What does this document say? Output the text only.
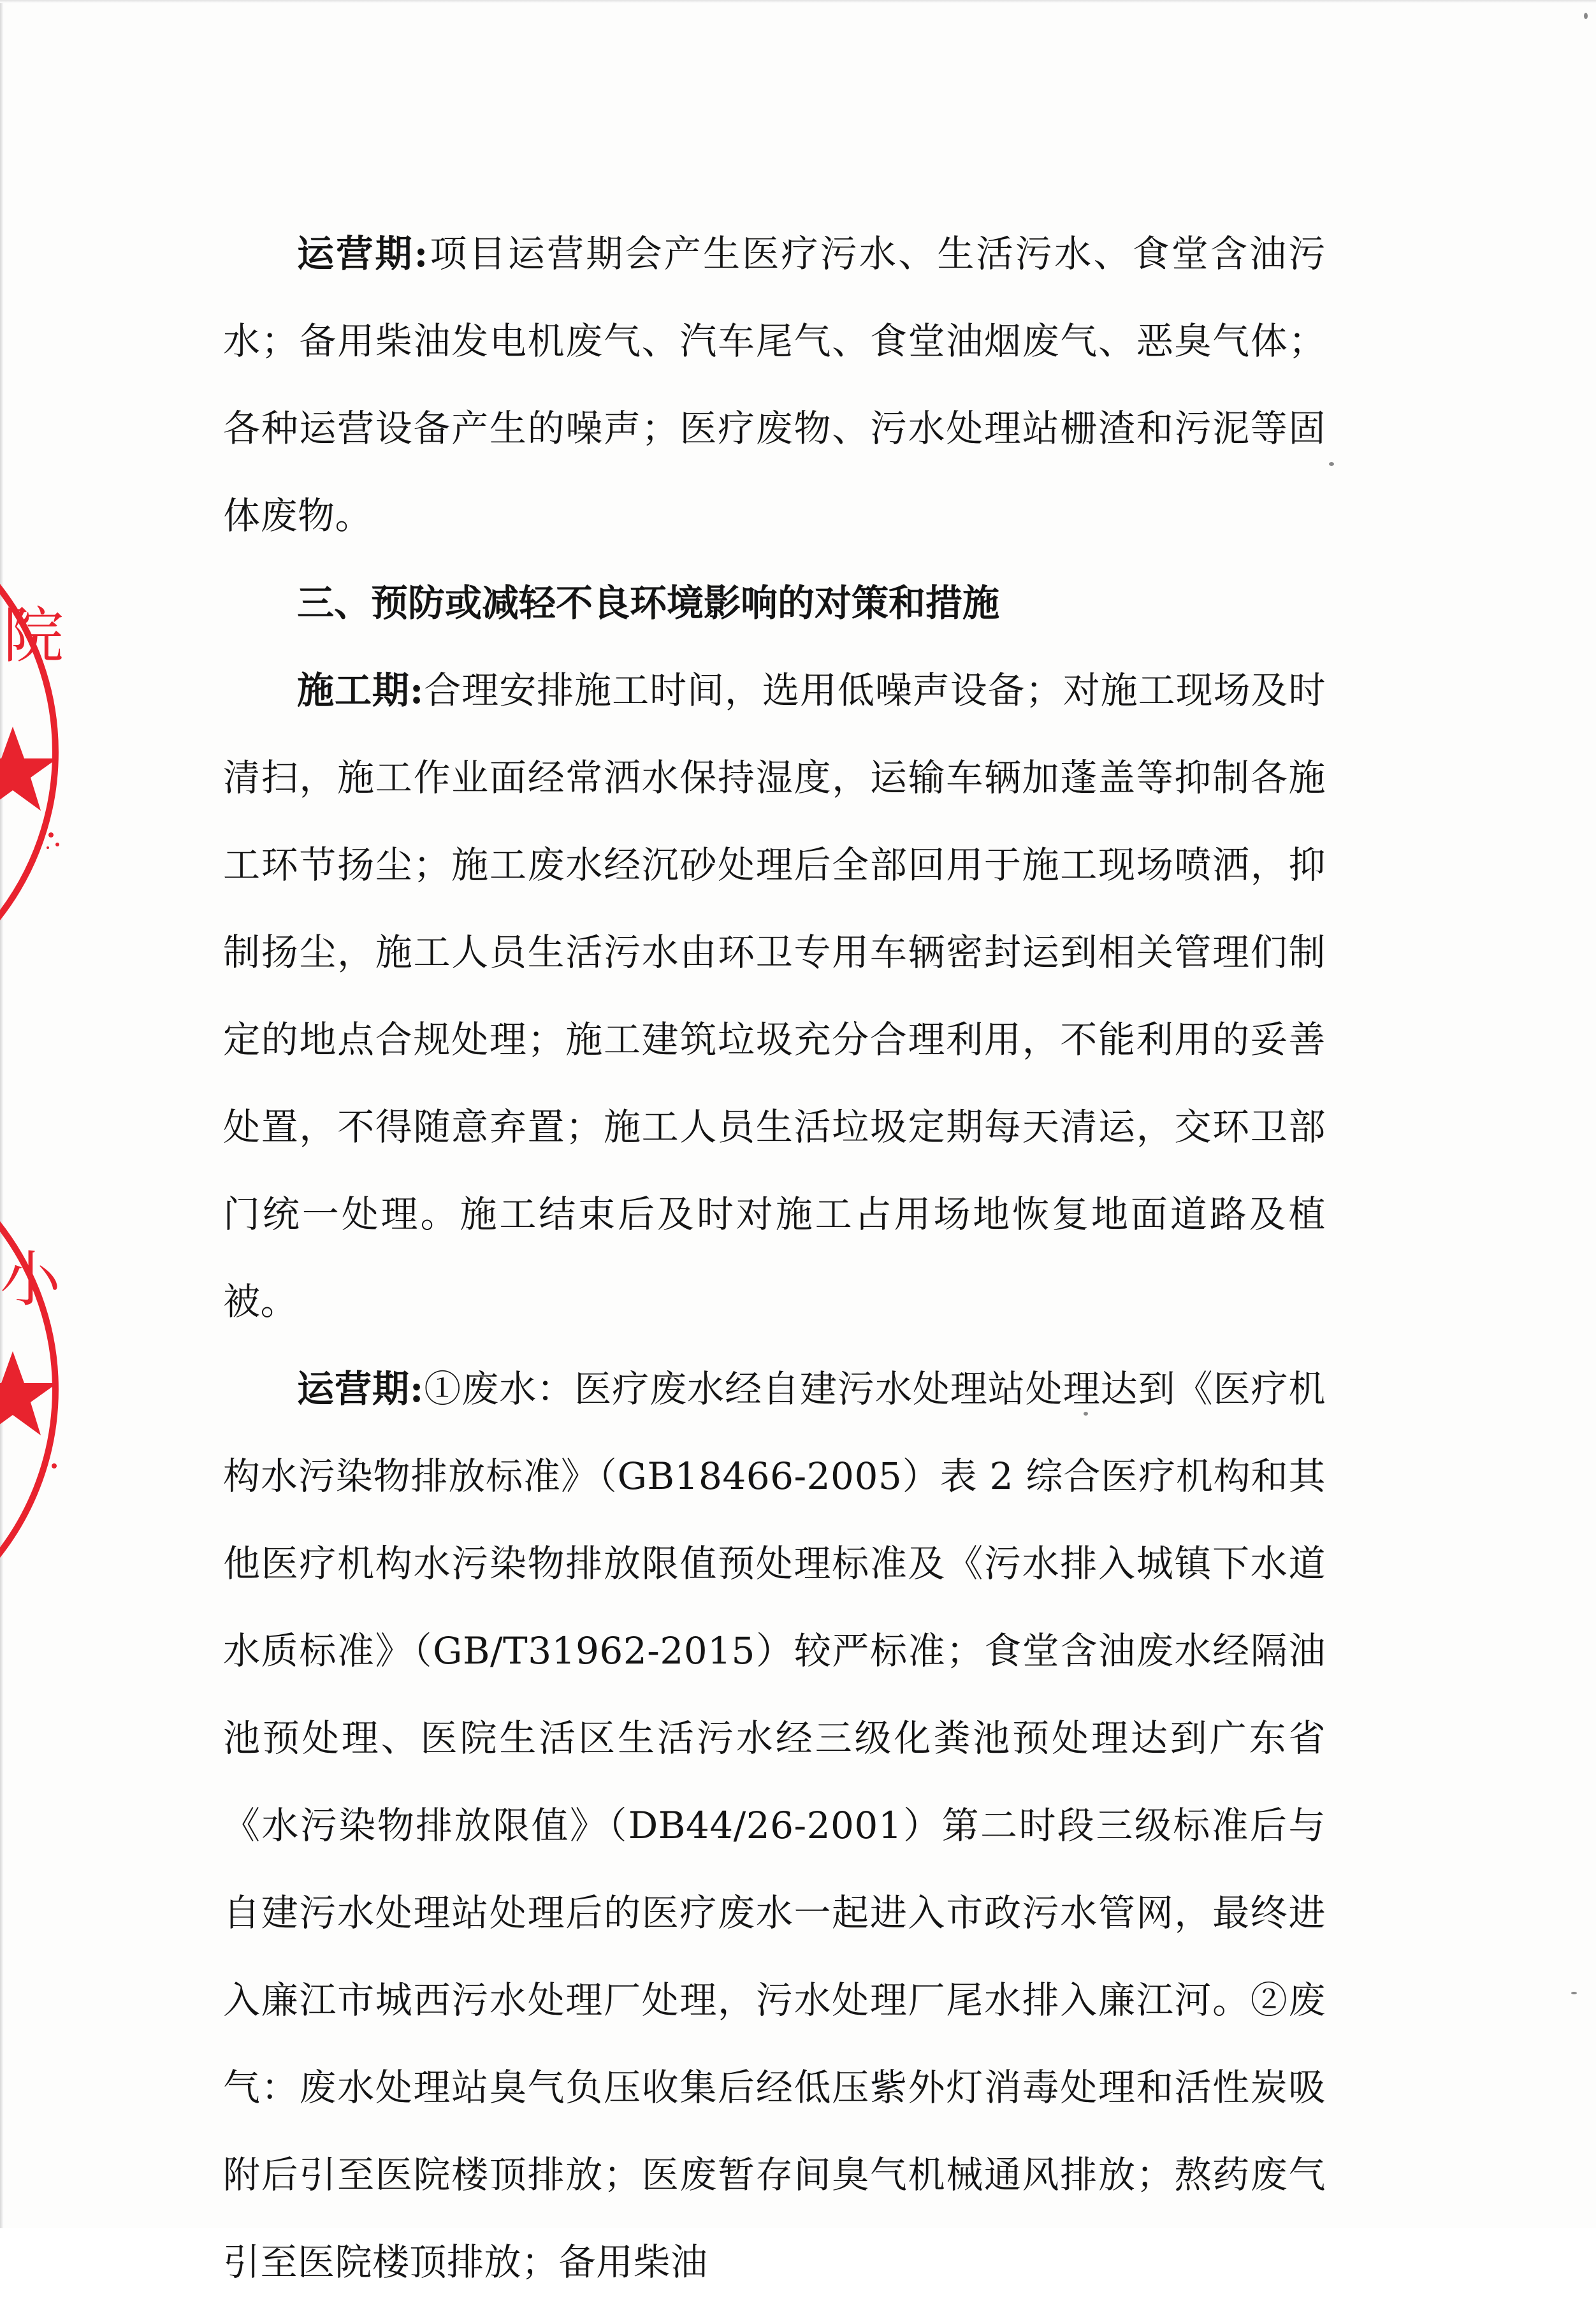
院
小

运营期:项目运营期会产生医疗污水、生活污水、食堂含油污水；备用柴油发电机废气、汽车尾气、食堂油烟废气、恶臭气体；各种运营设备产生的噪声；医疗废物、污水处理站栅渣和污泥等固体废物。

三、预防或减轻不良环境影响的对策和措施

施工期:合理安排施工时间，选用低噪声设备；对施工现场及时清扫，施工作业面经常洒水保持湿度，运输车辆加蓬盖等抑制各施工环节扬尘；施工废水经沉砂处理后全部回用于施工现场喷洒，抑制扬尘，施工人员生活污水由环卫专用车辆密封运到相关管理们制定的地点合规处理；施工建筑垃圾充分合理利用，不能利用的妥善处置，不得随意弃置；施工人员生活垃圾定期每天清运，交环卫部门统一处理。施工结束后及时对施工占用场地恢复地面道路及植被。

运营期:①废水：医疗废水经自建污水处理站处理达到《医疗机构水污染物排放标准》（GB18466-2005）表 2 综合医疗机构和其他医疗机构水污染物排放限值预处理标准及《污水排入城镇下水道水质标准》（GB/T31962-2015）较严标准；食堂含油废水经隔油池预处理、医院生活区生活污水经三级化粪池预处理达到广东省《水污染物排放限值》（DB44/26-2001）第二时段三级标准后与自建污水处理站处理后的医疗废水一起进入市政污水管网，最终进入廉江市城西污水处理厂处理，污水处理厂尾水排入廉江河。②废气：废水处理站臭气负压收集后经低压紫外灯消毒处理和活性炭吸附后引至医院楼顶排放；医废暂存间臭气机械通风排放；熬药废气引至医院楼顶排放；备用柴油
